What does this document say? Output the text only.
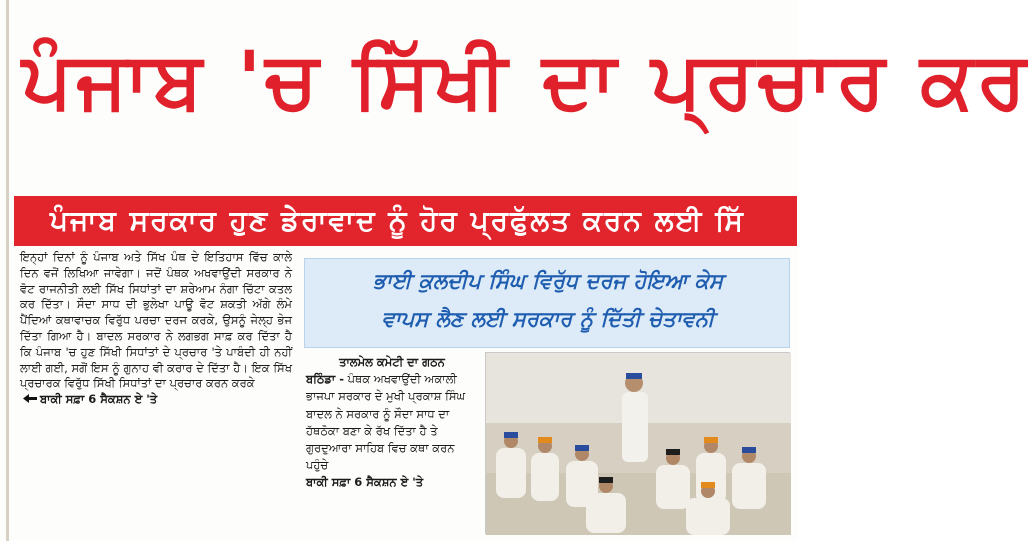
ਪੰਜਾਬ 'ਚ ਸਿੱਖੀ ਦਾ ਪ੍ਰਚਾਰ ਕਰ
ਪੰਜਾਬ ਸਰਕਾਰ ਹੁਣ ਡੇਰਾਵਾਦ ਨੂੰ ਹੋਰ ਪ੍ਰਫੁੱਲਤ ਕਰਨ ਲਈ ਸਿੱ

ਇਨ੍ਹਾਂ ਦਿਨਾਂ ਨੂੰ ਪੰਜਾਬ ਅਤੇ ਸਿੱਖ ਪੰਥ ਦੇ ਇਤਿਹਾਸ ਵਿੱਚ ਕਾਲੇ ਦਿਨ ਵਜੋਂ ਲਿਖਿਆ ਜਾਵੇਗਾ। ਜਦੋਂ ਪੰਥਕ ਅਖਵਾਉਂਦੀ ਸਰਕਾਰ ਨੇ ਵੋਟ ਰਾਜਨੀਤੀ ਲਈ ਸਿੱਖ ਸਿਧਾਂਤਾਂ ਦਾ ਸ਼ਰੇਆਮ ਨੰਗਾ ਚਿੱਟਾ ਕਤਲ ਕਰ ਦਿੱਤਾ। ਸੌਦਾ ਸਾਧ ਦੀ ਭੁਲੇਖਾ ਪਾਊ ਵੋਟ ਸ਼ਕਤੀ ਅੱਗੇ ਲੰਮੇ ਪੈਂਦਿਆਂ ਕਥਾਵਾਚਕ ਵਿਰੁੱਧ ਪਰਚਾ ਦਰਜ ਕਰਕੇ, ਉਸਨੂੰ ਜੇਲ੍ਹ ਭੇਜ ਦਿੱਤਾ ਗਿਆ ਹੈ। ਬਾਦਲ ਸਰਕਾਰ ਨੇ ਲਗਭਗ ਸਾਫ਼ ਕਰ ਦਿੱਤਾ ਹੈ ਕਿ ਪੰਜਾਬ 'ਚ ਹੁਣ ਸਿੱਖੀ ਸਿਧਾਂਤਾਂ ਦੇ ਪ੍ਰਚਾਰ 'ਤੇ ਪਾਬੰਦੀ ਹੀ ਨਹੀਂ ਲਾਈ ਗਈ, ਸਗੋਂ ਇਸ ਨੂੰ ਗੁਨਾਹ ਵੀ ਕਰਾਰ ਦੇ ਦਿੱਤਾ ਹੈ। ਇਕ ਸਿੱਖ ਪ੍ਰਚਾਰਕ ਵਿਰੁੱਧ ਸਿੱਖੀ ਸਿਧਾਂਤਾਂ ਦਾ ਪ੍ਰਚਾਰ ਕਰਨ ਕਰਕੇ

ਬਾਕੀ ਸਫ਼ਾ 6 ਸੈਕਸ਼ਨ ਏ 'ਤੇ
ਭਾਈ ਕੁਲਦੀਪ ਸਿੰਘ ਵਿਰੁੱਧ ਦਰਜ ਹੋਇਆ ਕੇਸ
ਵਾਪਸ ਲੈਣ ਲਈ ਸਰਕਾਰ ਨੂੰ ਦਿੱਤੀ ਚੇਤਾਵਨੀ
ਤਾਲਮੇਲ ਕਮੇਟੀ ਦਾ ਗਠਨ
ਬਠਿੰਡਾ - ਪੰਥਕ ਅਖਵਾਉਂਦੀ ਅਕਾਲੀ ਭਾਜਪਾ ਸਰਕਾਰ ਦੇ ਮੁਖੀ ਪ੍ਰਕਾਸ਼ ਸਿੰਘ ਬਾਦਲ ਨੇ ਸਰਕਾਰ ਨੂੰ ਸੌਦਾ ਸਾਧ ਦਾ ਹੱਥਠੋਕਾ ਬਣਾ ਕੇ ਰੱਖ ਦਿੱਤਾ ਹੈ ਤੇ ਗੁਰਦੁਆਰਾ ਸਾਹਿਬ ਵਿਚ ਕਥਾ ਕਰਨ ਪਹੁੰਚੇ
ਬਾਕੀ ਸਫ਼ਾ 6 ਸੈਕਸ਼ਨ ਏ 'ਤੇ
